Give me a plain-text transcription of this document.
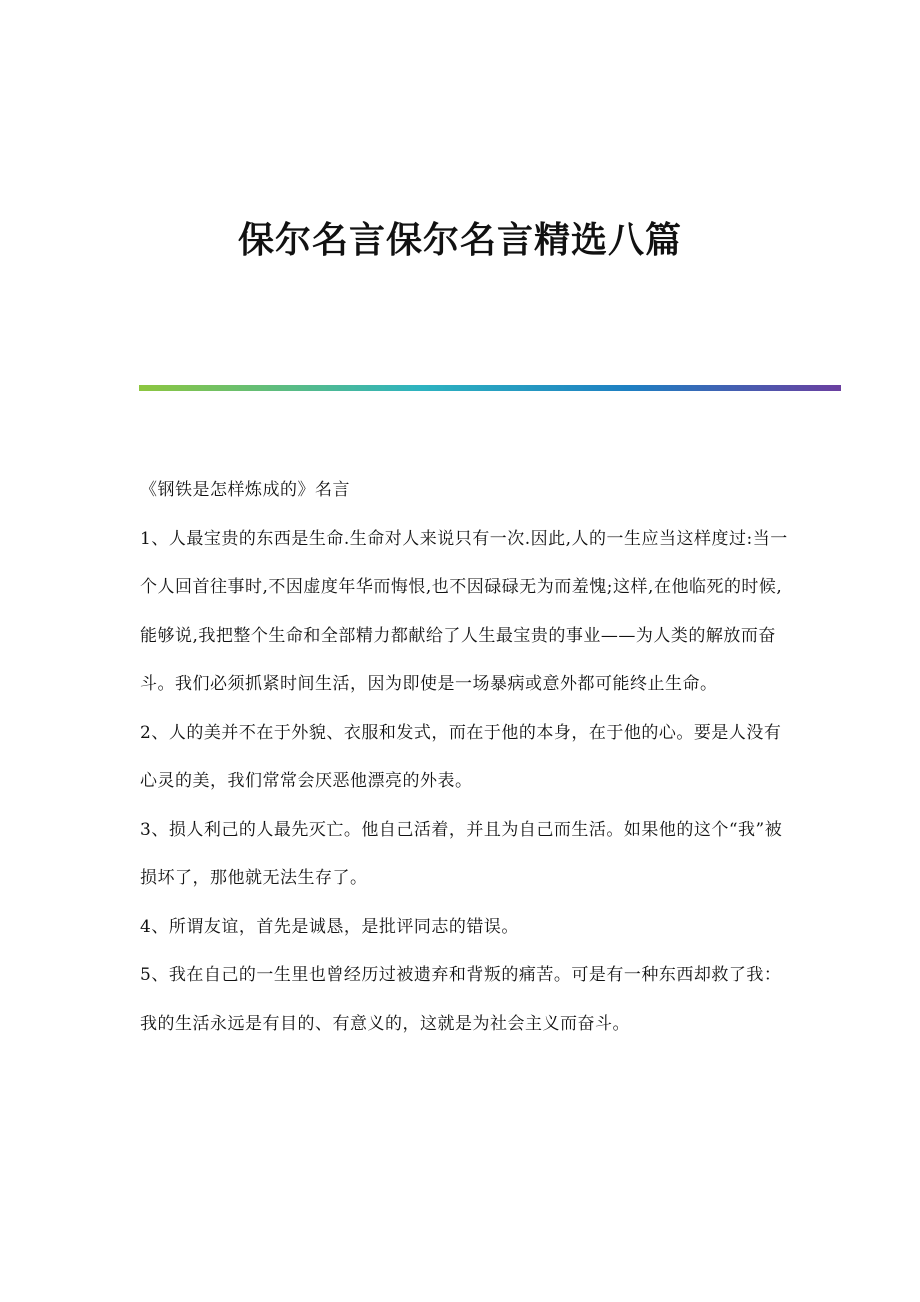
保尔名言保尔名言精选八篇

《钢铁是怎样炼成的》名言

1、人最宝贵的东西是生命.生命对人来说只有一次.因此,人的一生应当这样度过:当一个人回首往事时,不因虚度年华而悔恨,也不因碌碌无为而羞愧;这样,在他临死的时候,能够说,我把整个生命和全部精力都献给了人生最宝贵的事业——为人类的解放而奋斗。我们必须抓紧时间生活，因为即使是一场暴病或意外都可能终止生命。

2、人的美并不在于外貌、衣服和发式，而在于他的本身，在于他的心。要是人没有心灵的美，我们常常会厌恶他漂亮的外表。

3、损人利己的人最先灭亡。他自己活着，并且为自己而生活。如果他的这个“我”被损坏了，那他就无法生存了。

4、所谓友谊，首先是诚恳，是批评同志的错误。

5、我在自己的一生里也曾经历过被遗弃和背叛的痛苦。可是有一种东西却救了我：我的生活永远是有目的、有意义的，这就是为社会主义而奋斗。
